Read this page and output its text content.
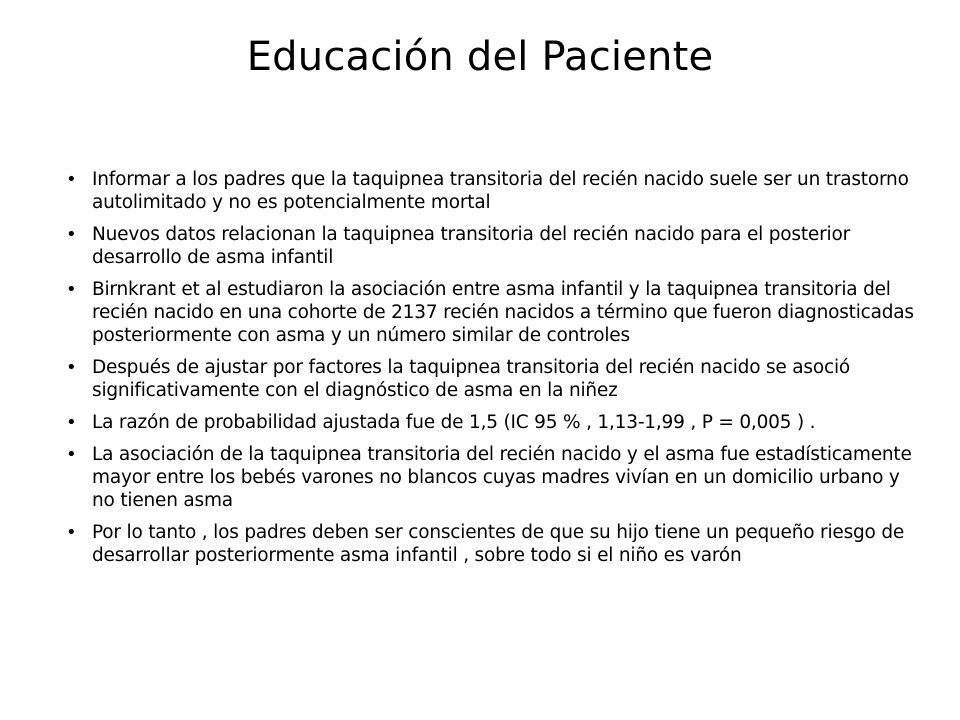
Educación del Paciente
• Informar a los padres que la taquipnea transitoria del recién nacido suele ser un trastorno autolimitado y no es potencialmente mortal
• Nuevos datos relacionan la taquipnea transitoria del recién nacido para el posterior desarrollo de asma infantil
• Birnkrant et al estudiaron la asociación entre asma infantil y la taquipnea transitoria del recién nacido en una cohorte de 2137 recién nacidos a término que fueron diagnosticadas posteriormente con asma y un número similar de controles
• Después de ajustar por factores la taquipnea transitoria del recién nacido se asoció significativamente con el diagnóstico de asma en la niñez
• La razón de probabilidad ajustada fue de 1,5 (IC 95 % , 1,13-1,99 , P = 0,005 ) .
• La asociación de la taquipnea transitoria del recién nacido y el asma fue estadísticamente mayor entre los bebés varones no blancos cuyas madres vivían en un domicilio urbano y no tienen asma
• Por lo tanto , los padres deben ser conscientes de que su hijo tiene un pequeño riesgo de desarrollar posteriormente asma infantil , sobre todo si el niño es varón
